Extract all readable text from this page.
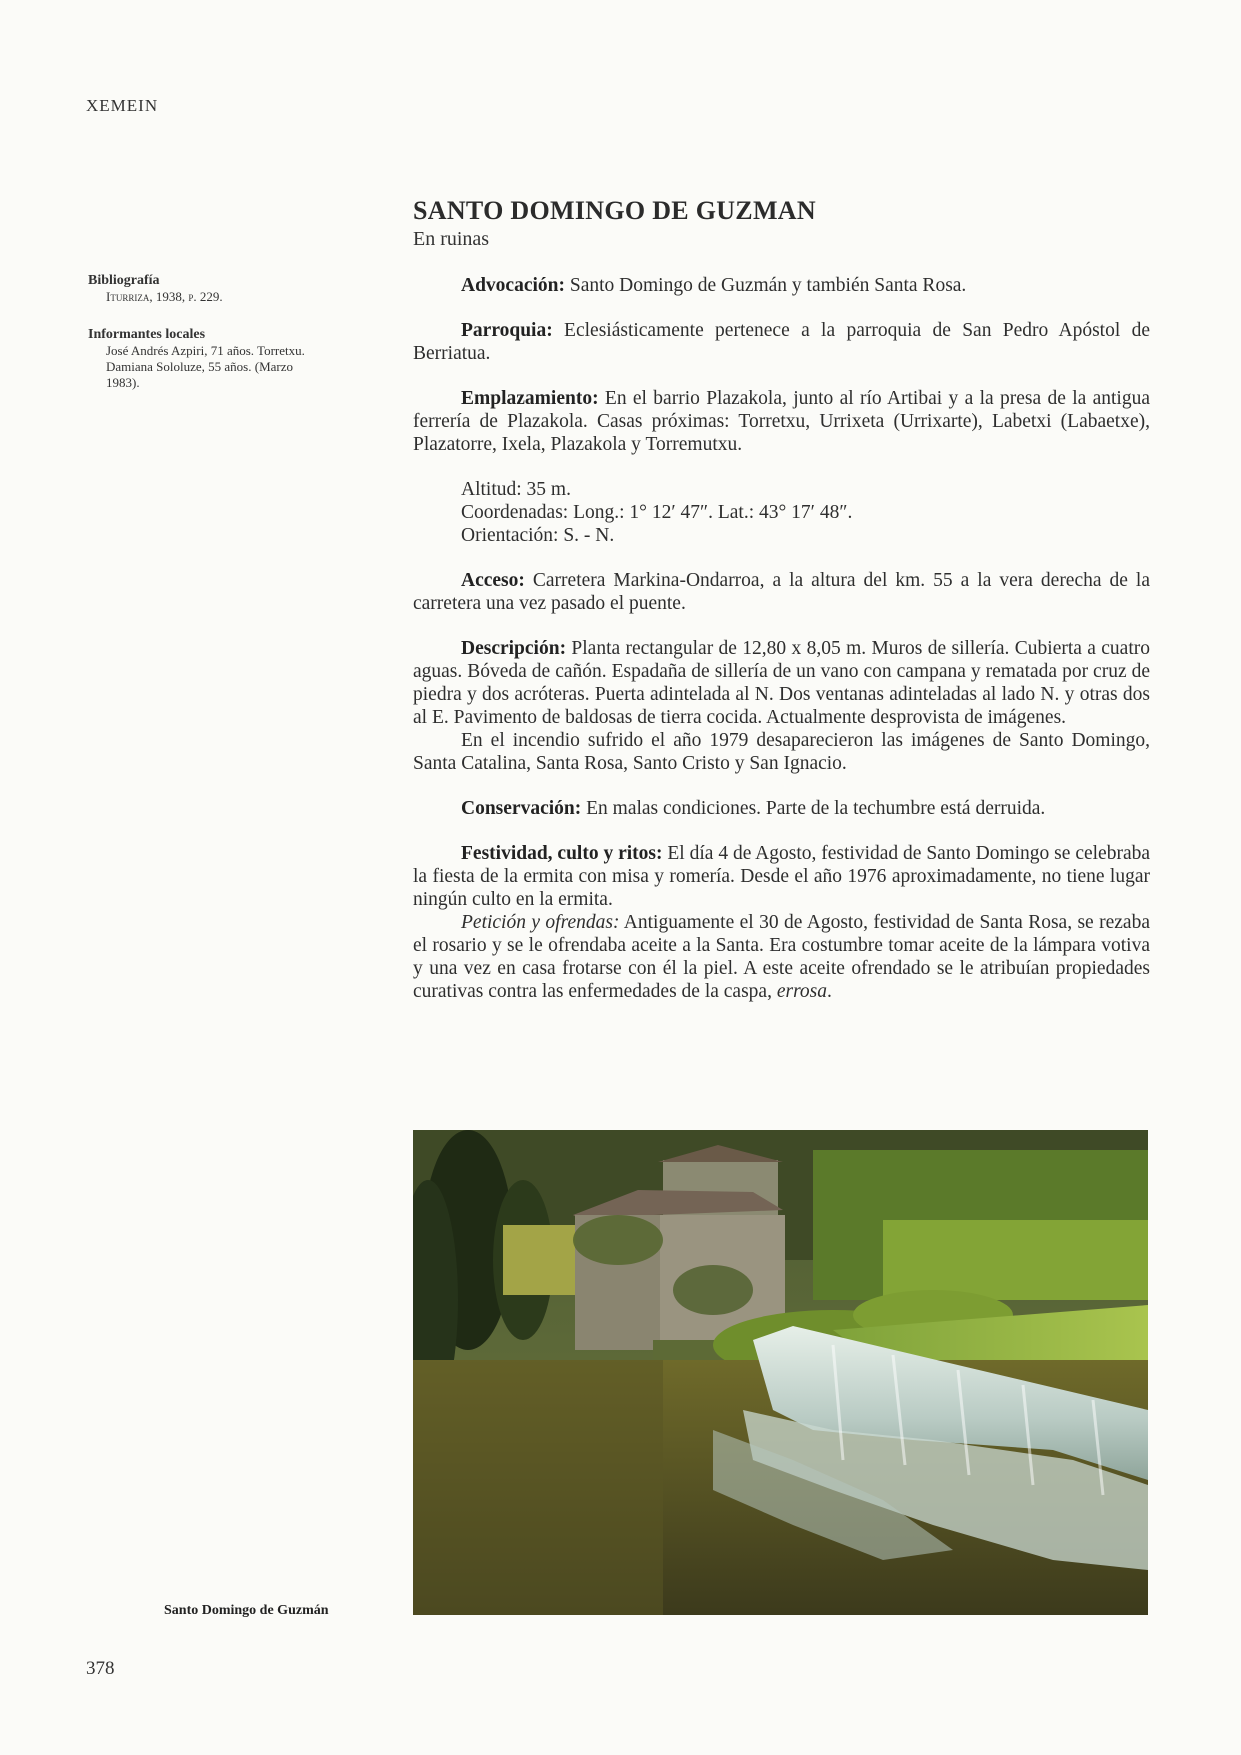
XEMEIN
SANTO DOMINGO DE GUZMAN
En ruinas
Bibliografía
Iturriza, 1938, p. 229.
Informantes locales
José Andrés Azpiri, 71 años. Torretxu.
Damiana Sololuze, 55 años. (Marzo
1983).

Advocación: Santo Domingo de Guzmán y también Santa Rosa.

Parroquia: Eclesiásticamente pertenece a la parroquia de San Pedro Apóstol de Berriatua.

Emplazamiento: En el barrio Plazakola, junto al río Artibai y a la presa de la antigua ferrería de Plazakola. Casas próximas: Torretxu, Urrixeta (Urrixarte), Labetxi (Labaetxe), Plazatorre, Ixela, Plazakola y Torremutxu.

Altitud: 35 m.
Coordenadas: Long.: 1° 12′ 47″. Lat.: 43° 17′ 48″.
Orientación: S. - N.

Acceso: Carretera Markina-Ondarroa, a la altura del km. 55 a la vera derecha de la carretera una vez pasado el puente.

Descripción: Planta rectangular de 12,80 x 8,05 m. Muros de sillería. Cubierta a cuatro aguas. Bóveda de cañón. Espadaña de sillería de un vano con campana y rematada por cruz de piedra y dos acróteras. Puerta adintelada al N. Dos ventanas adinteladas al lado N. y otras dos al E. Pavimento de baldosas de tierra cocida. Actualmente desprovista de imágenes.

En el incendio sufrido el año 1979 desaparecieron las imágenes de Santo Domingo, Santa Catalina, Santa Rosa, Santo Cristo y San Ignacio.

Conservación: En malas condiciones. Parte de la techumbre está derruida.

Festividad, culto y ritos: El día 4 de Agosto, festividad de Santo Domingo se celebraba la fiesta de la ermita con misa y romería. Desde el año 1976 aproximadamente, no tiene lugar ningún culto en la ermita.

Petición y ofrendas: Antiguamente el 30 de Agosto, festividad de Santa Rosa, se rezaba el rosario y se le ofrendaba aceite a la Santa. Era costumbre tomar aceite de la lámpara votiva y una vez en casa frotarse con él la piel. A este aceite ofrendado se le atribuían propiedades curativas contra las enfermedades de la caspa, errosa.

Santo Domingo de Guzmán
378
